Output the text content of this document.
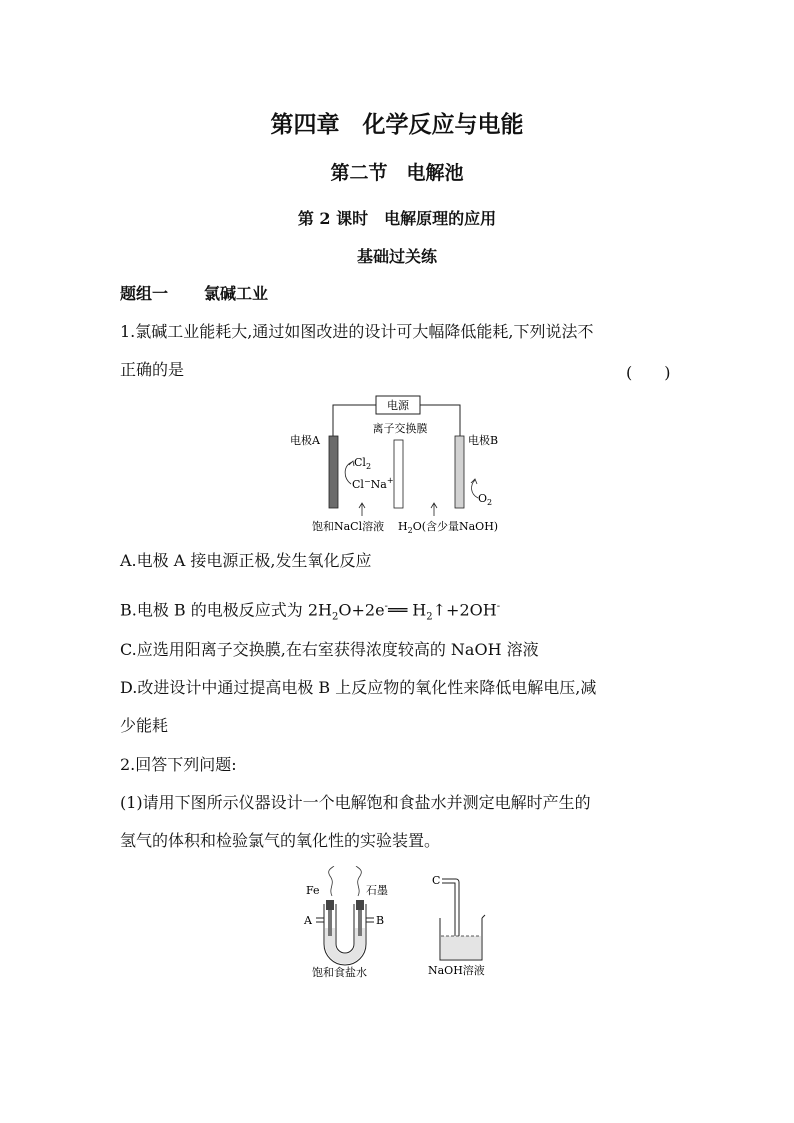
第四章　化学反应与电能
第二节　电解池
第 2 课时　电解原理的应用
基础过关练
题组一 氯碱工业
1.氯碱工业能耗大,通过如图改进的设计可大幅降低能耗,下列说法不
正确的是	(　　)
电源
电极A
离子交换膜
电极B
$Cl_2$
Cl−Na+
$O_2$
饱和NaCl溶液 $H_2O$(含少量NaOH)
A.电极 A 接电源正极,发生氧化反应
B.电极 B 的电极反应式为 $2H_2O+2e^-══$ $H_2↑+2OH^-$
C.应选用阳离子交换膜,在右室获得浓度较高的 NaOH 溶液
D.改进设计中通过提高电极 B 上反应物的氧化性来降低电解电压,减
少能耗
2.回答下列问题:
(1)请用下图所示仪器设计一个电解饱和食盐水并测定电解时产生的
氢气的体积和检验氯气的氧化性的实验装置。
Fe	石墨
A	B
饱和食盐水
C
NaOH溶液
